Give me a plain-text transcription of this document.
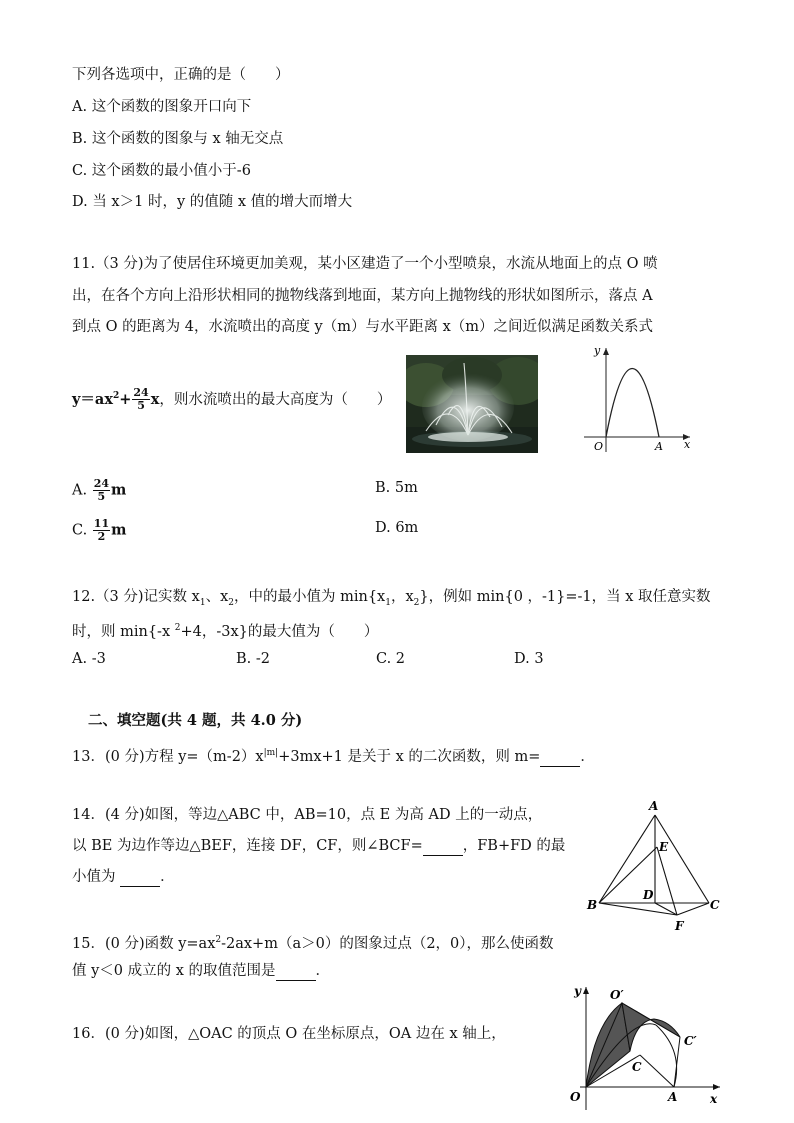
下列各选项中，正确的是（　　）
A. 这个函数的图象开口向下
B. 这个函数的图象与 x 轴无交点
C. 这个函数的最小值小于-6
D. 当 x＞1 时，y 的值随 x 值的增大而增大
11.（3 分)为了使居住环境更加美观，某小区建造了一个小型喷泉，水流从地面上的点 O 喷
出，在各个方向上沿形状相同的抛物线落到地面，某方向上抛物线的形状如图所示，落点 A
到点 O 的距离为 4，水流喷出的高度 y（m）与水平距离 x（m）之间近似满足函数关系式
$y=ax^2+ \frac{24}{5}$ x，则水流喷出的最大高度为（　　）
y
O	A x
A. $\frac{24}{5}$ m	B. 5m
C. $\frac{11}{2}$ m	D. 6m
12.（3 分)记实数 $x_1$、$x_2$，中的最小值为 $\min\{x_1$，$x_2$}，例如 min{0 ，-1}=-1，当 x 取任意实数
时，则 min{-x $^2$+4，-3x}的最大值为（　　）
A. -3	B. -2	C. 2	D. 3
二、填空题(共 4 题，共 4.0 分)
13．(0 分)方程 $y=(m-2)x^{|m|}+3mx+1$ 是关于 x 的二次函数，则 m=	．
14．(4 分)如图，等边△ABC 中，AB=10，点 E 为高 AD 上的一动点，
以 BE 为边作等边△BEF，连接 DF，CF，则∠BCF=	，FB+FD 的最
小值为	．
A
E
D
B	C
F
15．(0 分)函数 $y=ax^2-2ax+m(a>0)$的图象过点（2，0），那么使函数
值 y＜0 成立的 x 的取值范围是	．
16．(0 分)如图，△OAC 的顶点 O 在坐标原点，OA 边在 x 轴上，
O′
C′
C
y
O	A	x
